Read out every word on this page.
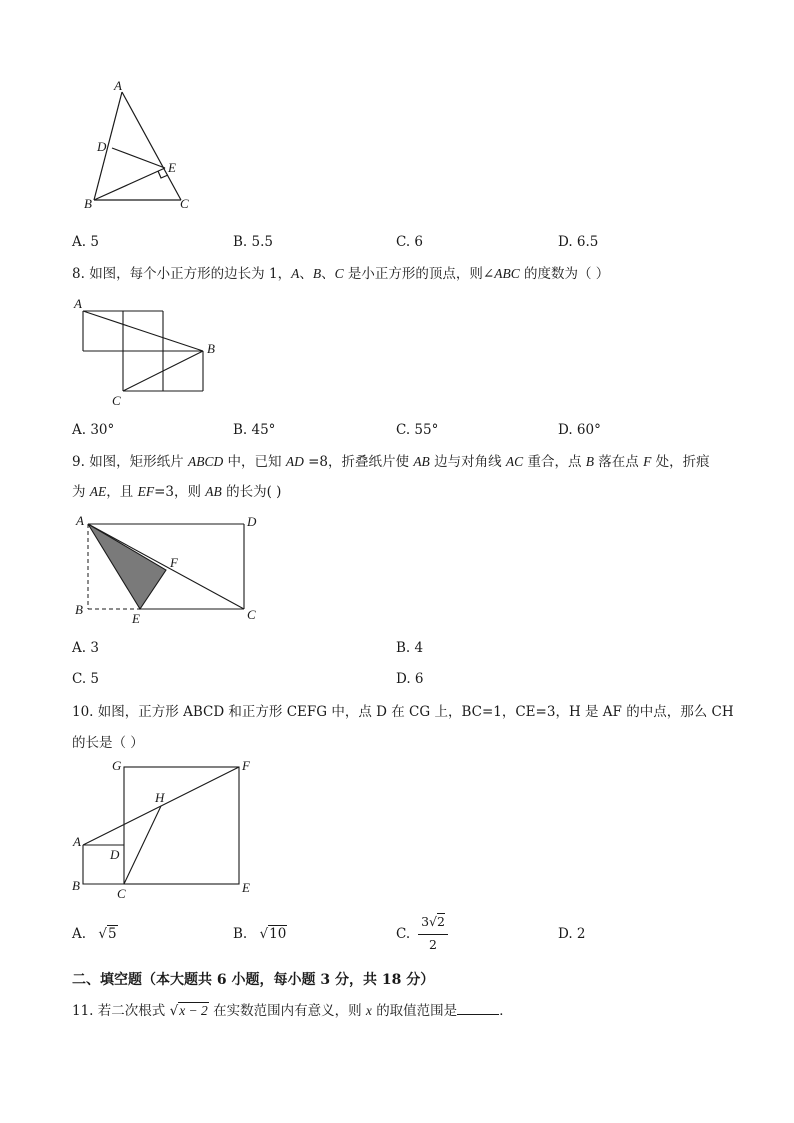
A
D
E
B	C
A. 5	B. 5.5	C. 6	D. 6.5
8. 如图，每个小正方形的边长为 1，A、B、C 是小正方形的顶点，则∠ABC 的度数为（ ）
A
B
C
A. 30°	B. 45°	C. 55°	D. 60°
9. 如图，矩形纸片 ABCD 中，已知 AD =8，折叠纸片使 AB 边与对角线 AC 重合，点 B 落在点 F 处，折痕
为 AE，且 EF=3，则 AB 的长为( )
A	D
F
B
E	C
A. 3	B. 4
C. 5	D. 6
10. 如图，正方形 ABCD 和正方形 CEFG 中，点 D 在 CG 上，BC=1，CE=3，H 是 AF 的中点，那么 CH
的长是（ ）
G	F
H
A
D
B
C	E
A. √5	B. √10	C.
3√2
2
D. 2
二、填空题（本大题共 6 小题，每小题 3 分，共 18 分）
11. 若二次根式 √x − 2 在实数范围内有意义，则 x 的取值范围是	．
